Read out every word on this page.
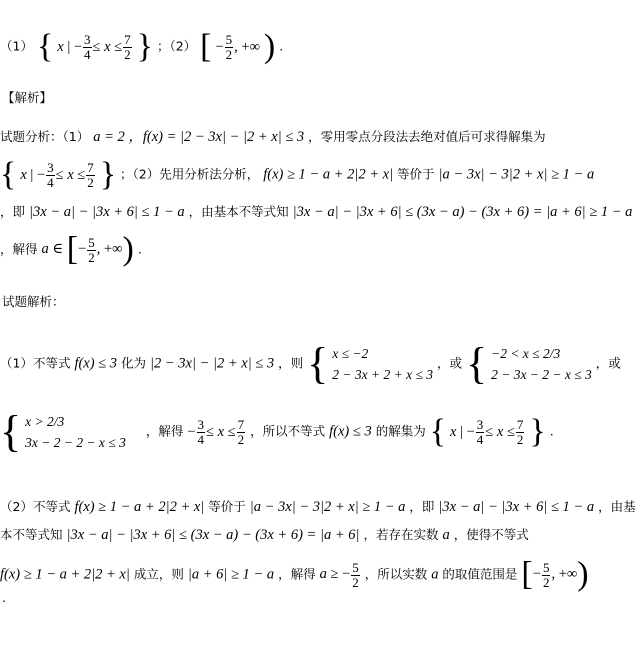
（1） { x | − $\frac{3}{4} \le x \le \frac{7}{2}$ } ；（2） [ − $\frac{5}{2}$ , +∞ ) .
【解析】
试题分析：（1） a = 2 ，f(x) = |2 − 3x| − |2 + x| ≤ 3 ，零用零点分段法去绝对值后可求得解集为
{ x | − $\frac{3}{4} \le x \le \frac{7}{2}$ } ；（2）先用分析法分析， f(x) ≥ 1 − a + 2|2 + x| 等价于 |a − 3x| − 3|2 + x| ≥ 1 − a
，即 |3x − a| − |3x + 6| ≤ 1 − a ，由基本不等式知 |3x − a| − |3x + 6| ≤ (3x − a) − (3x + 6) = |a + 6| ≥ 1 − a
，解得 a ∈ [− $\frac{5}{2}$ , +∞) .
试题解析：
（1）不等式 f(x) ≤ 3 化为 |2 − 3x| − |2 + x| ≤ 3 ，则 { x ≤ −2
2 − 3x + 2 + x ≤ 3
，或 { −2 < x ≤ 2/3
2 − 3x − 2 − x ≤ 3
，或
{ x > 2/3
3x − 2 − 2 − x ≤ 3
，解得 − $\frac{3}{4} \le x \le \frac{7}{2}$ ，所以不等式 f(x) ≤ 3 的解集为 { x | − $\frac{3}{4} \le x \le \frac{7}{2}$ } .
（2）不等式 f(x) ≥ 1 − a + 2|2 + x| 等价于 |a − 3x| − 3|2 + x| ≥ 1 − a ，即 |3x − a| − |3x + 6| ≤ 1 − a ，由基
本不等式知 |3x − a| − |3x + 6| ≤ (3x − a) − (3x + 6) = |a + 6| ，若存在实数 a ，使得不等式
f(x) ≥ 1 − a + 2|2 + x| 成立，则 |a + 6| ≥ 1 − a ，解得 a ≥ − $\frac{5}{2}$ ，所以实数 a 的取值范围是 [− $\frac{5}{2}$ , +∞)
.
